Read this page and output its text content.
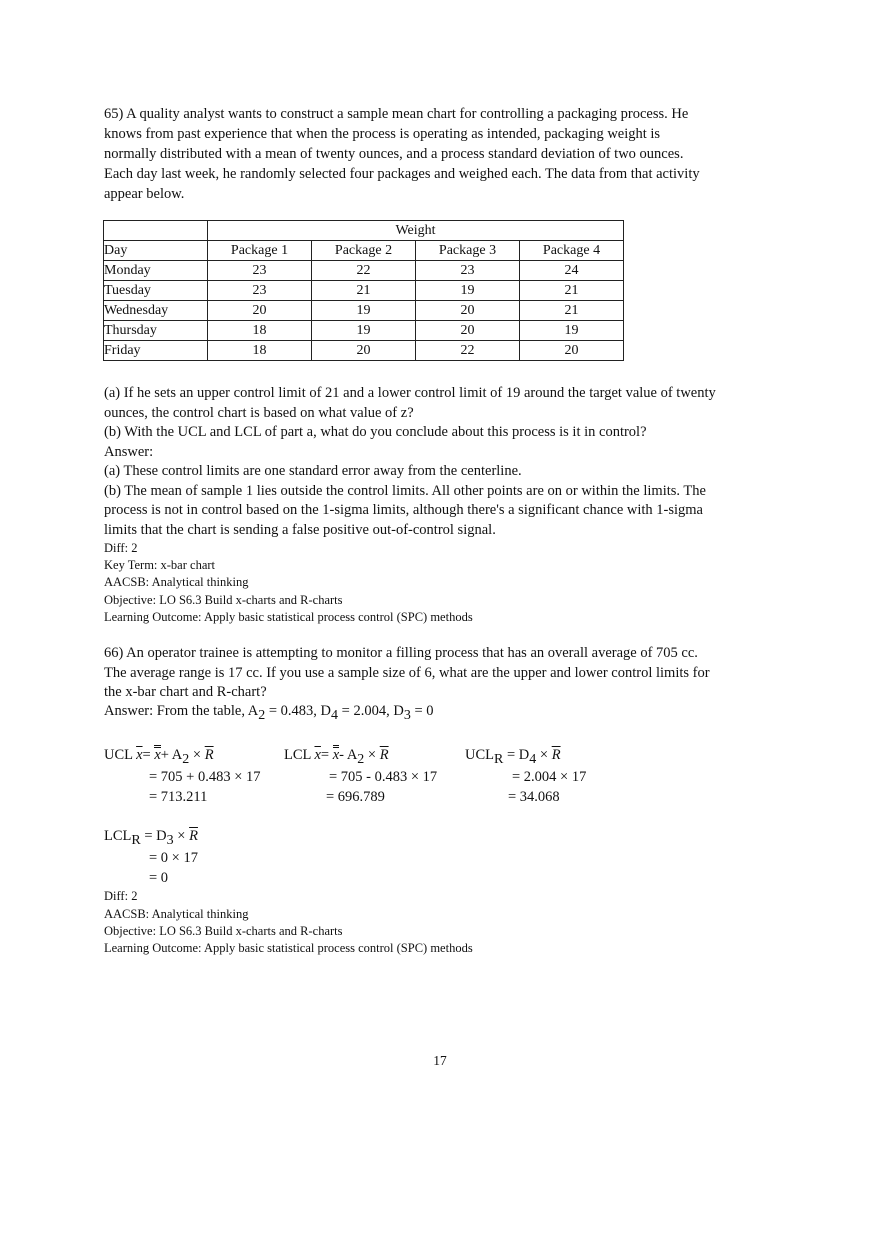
65) A quality analyst wants to construct a sample mean chart for controlling a packaging process. He
knows from past experience that when the process is operating as intended, packaging weight is
normally distributed with a mean of twenty ounces, and a process standard deviation of two ounces.
Each day last week, he randomly selected four packages and weighed each. The data from that activity
appear below.
	Weight			
Day	Package 1	Package 2	Package 3	Package 4
Monday	23	22	23	24
Tuesday	23	21	19	21
Wednesday	20	19	20	21
Thursday	18	19	20	19
Friday	18	20	22	20
(a) If he sets an upper control limit of 21 and a lower control limit of 19 around the target value of twenty
ounces, the control chart is based on what value of z?
(b) With the UCL and LCL of part a, what do you conclude about this process is it in control?
Answer:
(a) These control limits are one standard error away from the centerline.
(b) The mean of sample 1 lies outside the control limits. All other points are on or within the limits. The
process is not in control based on the 1-sigma limits, although there's a significant chance with 1-sigma
limits that the chart is sending a false positive out-of-control signal.
Diff: 2
Key Term: x-bar chart
AACSB: Analytical thinking
Objective: LO S6.3 Build x-charts and R-charts
Learning Outcome: Apply basic statistical process control (SPC) methods
66) An operator trainee is attempting to monitor a filling process that has an overall average of 705 cc.
The average range is 17 cc. If you use a sample size of 6, what are the upper and lower control limits for
the x-bar chart and R-chart?
Answer: From the table, $A_2 = 0.483$, $D_4 = 2.004$, $D_3 = 0$
UCL $\overline{x}= x+ A_2 \times \overline{R}$
= 705 + 0.483 × 17
= 713.211
LCL $\overline{x}= x-$ $A_2 \times \overline{R}$
= 705 - 0.483 × 17
= 696.789
$UCL_R = D_4 \times \overline{R}$
= 2.004 × 17
= 34.068
$LCL_R = D_3 \times \overline{R}$
= 0 × 17
= 0
Diff: 2
AACSB: Analytical thinking
Objective: LO S6.3 Build x-charts and R-charts
Learning Outcome: Apply basic statistical process control (SPC) methods
17
